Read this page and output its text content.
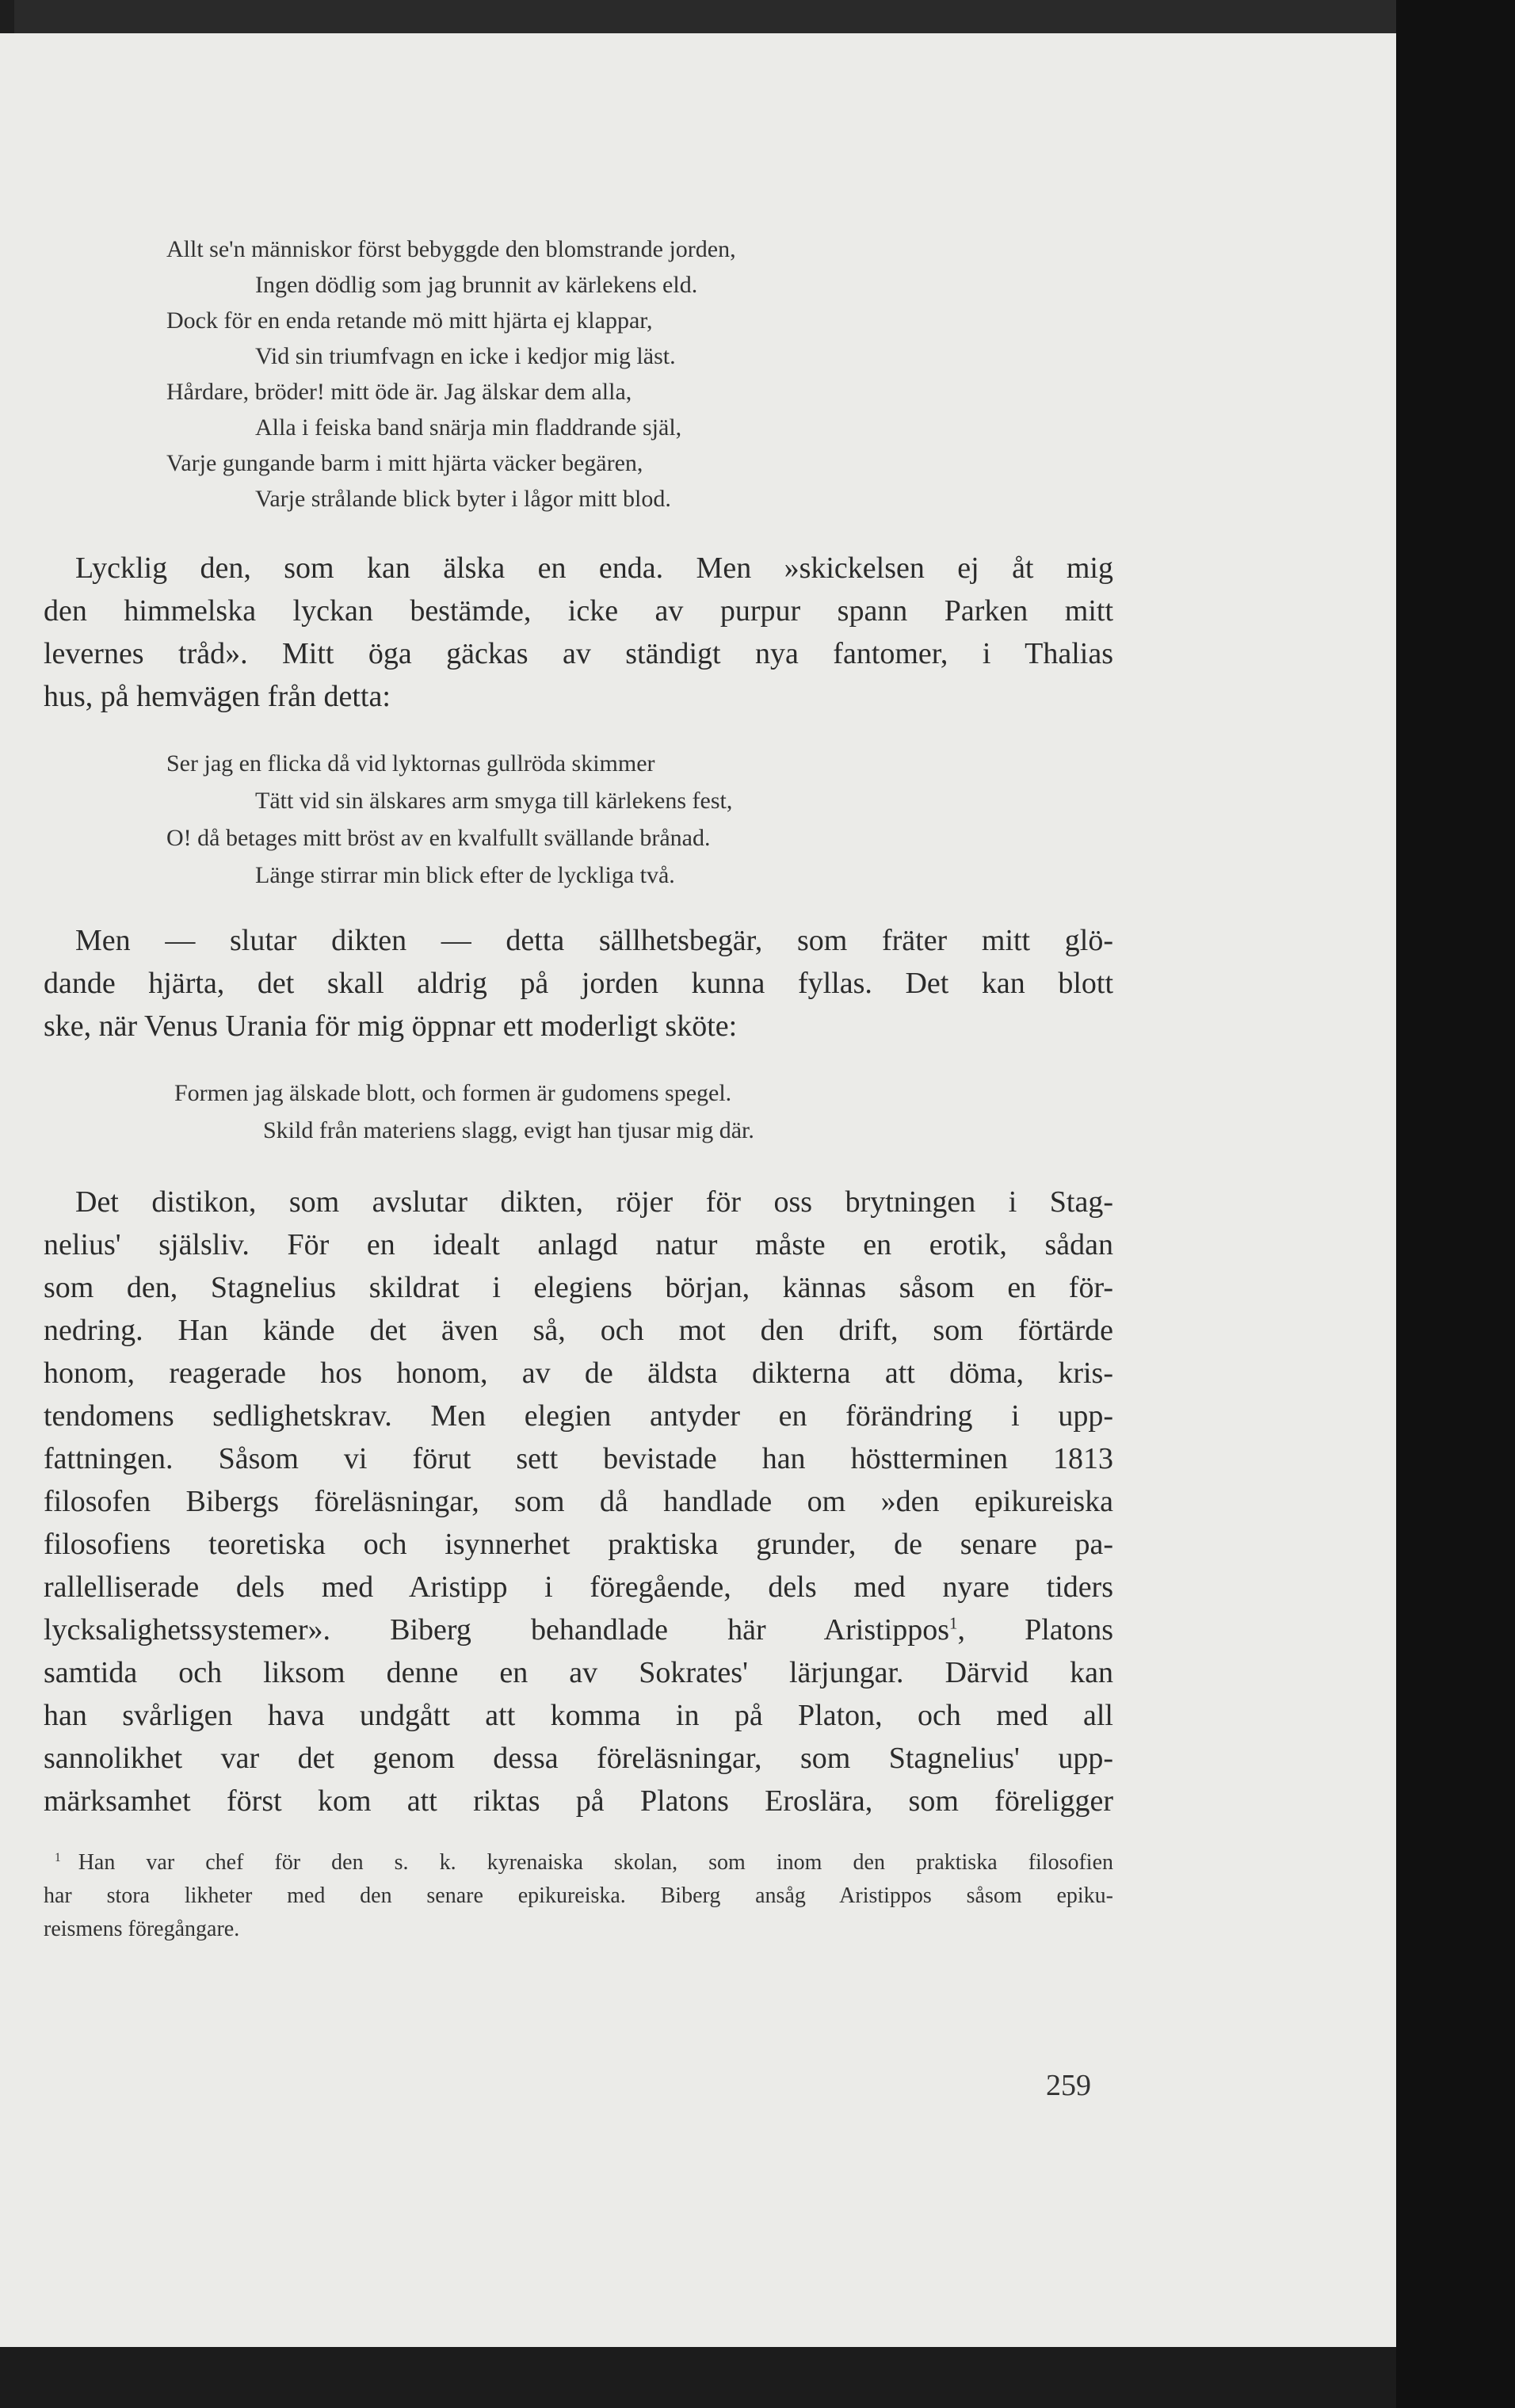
Allt se'n människor först bebyggde den blomstrande jorden,
Ingen dödlig som jag brunnit av kärlekens eld.
Dock för en enda retande mö mitt hjärta ej klappar,
Vid sin triumfvagn en icke i kedjor mig läst.
Hårdare, bröder! mitt öde är. Jag älskar dem alla,
Alla i feiska band snärja min fladdrande själ,
Varje gungande barm i mitt hjärta väcker begären,
Varje strålande blick byter i lågor mitt blod.
Lycklig den, som kan älska en enda. Men »skickelsen ej åt mig
den himmelska lyckan bestämde, icke av purpur spann Parken mitt
levernes tråd». Mitt öga gäckas av ständigt nya fantomer, i Thalias
hus, på hemvägen från detta:
Ser jag en flicka då vid lyktornas gullröda skimmer
Tätt vid sin älskares arm smyga till kärlekens fest,
O! då betages mitt bröst av en kvalfullt svällande brånad.
Länge stirrar min blick efter de lyckliga två.
Men — slutar dikten — detta sällhetsbegär, som fräter mitt glö-
dande hjärta, det skall aldrig på jorden kunna fyllas. Det kan blott
ske, när Venus Urania för mig öppnar ett moderligt sköte:
Formen jag älskade blott, och formen är gudomens spegel.
Skild från materiens slagg, evigt han tjusar mig där.
Det distikon, som avslutar dikten, röjer för oss brytningen i Stag-
nelius' själsliv. För en idealt anlagd natur måste en erotik, sådan
som den, Stagnelius skildrat i elegiens början, kännas såsom en för-
nedring. Han kände det även så, och mot den drift, som förtärde
honom, reagerade hos honom, av de äldsta dikterna att döma, kris-
tendomens sedlighetskrav. Men elegien antyder en förändring i upp-
fattningen. Såsom vi förut sett bevistade han höstterminen 1813
filosofen Bibergs föreläsningar, som då handlade om »den epikureiska
filosofiens teoretiska och isynnerhet praktiska grunder, de senare pa-
rallelliserade dels med Aristipp i föregående, dels med nyare tiders
lycksalighetssystemer». Biberg behandlade här Aristippos$^1$, Platons
samtida och liksom denne en av Sokrates' lärjungar. Därvid kan
han svårligen hava undgått att komma in på Platon, och med all
sannolikhet var det genom dessa föreläsningar, som Stagnelius' upp-
märksamhet först kom att riktas på Platons Eroslära, som föreligger
$^1$ Han var chef för den s. k. kyrenaiska skolan, som inom den praktiska filosofien
har stora likheter med den senare epikureiska. Biberg ansåg Aristippos såsom epiku-
reismens föregångare.
259
